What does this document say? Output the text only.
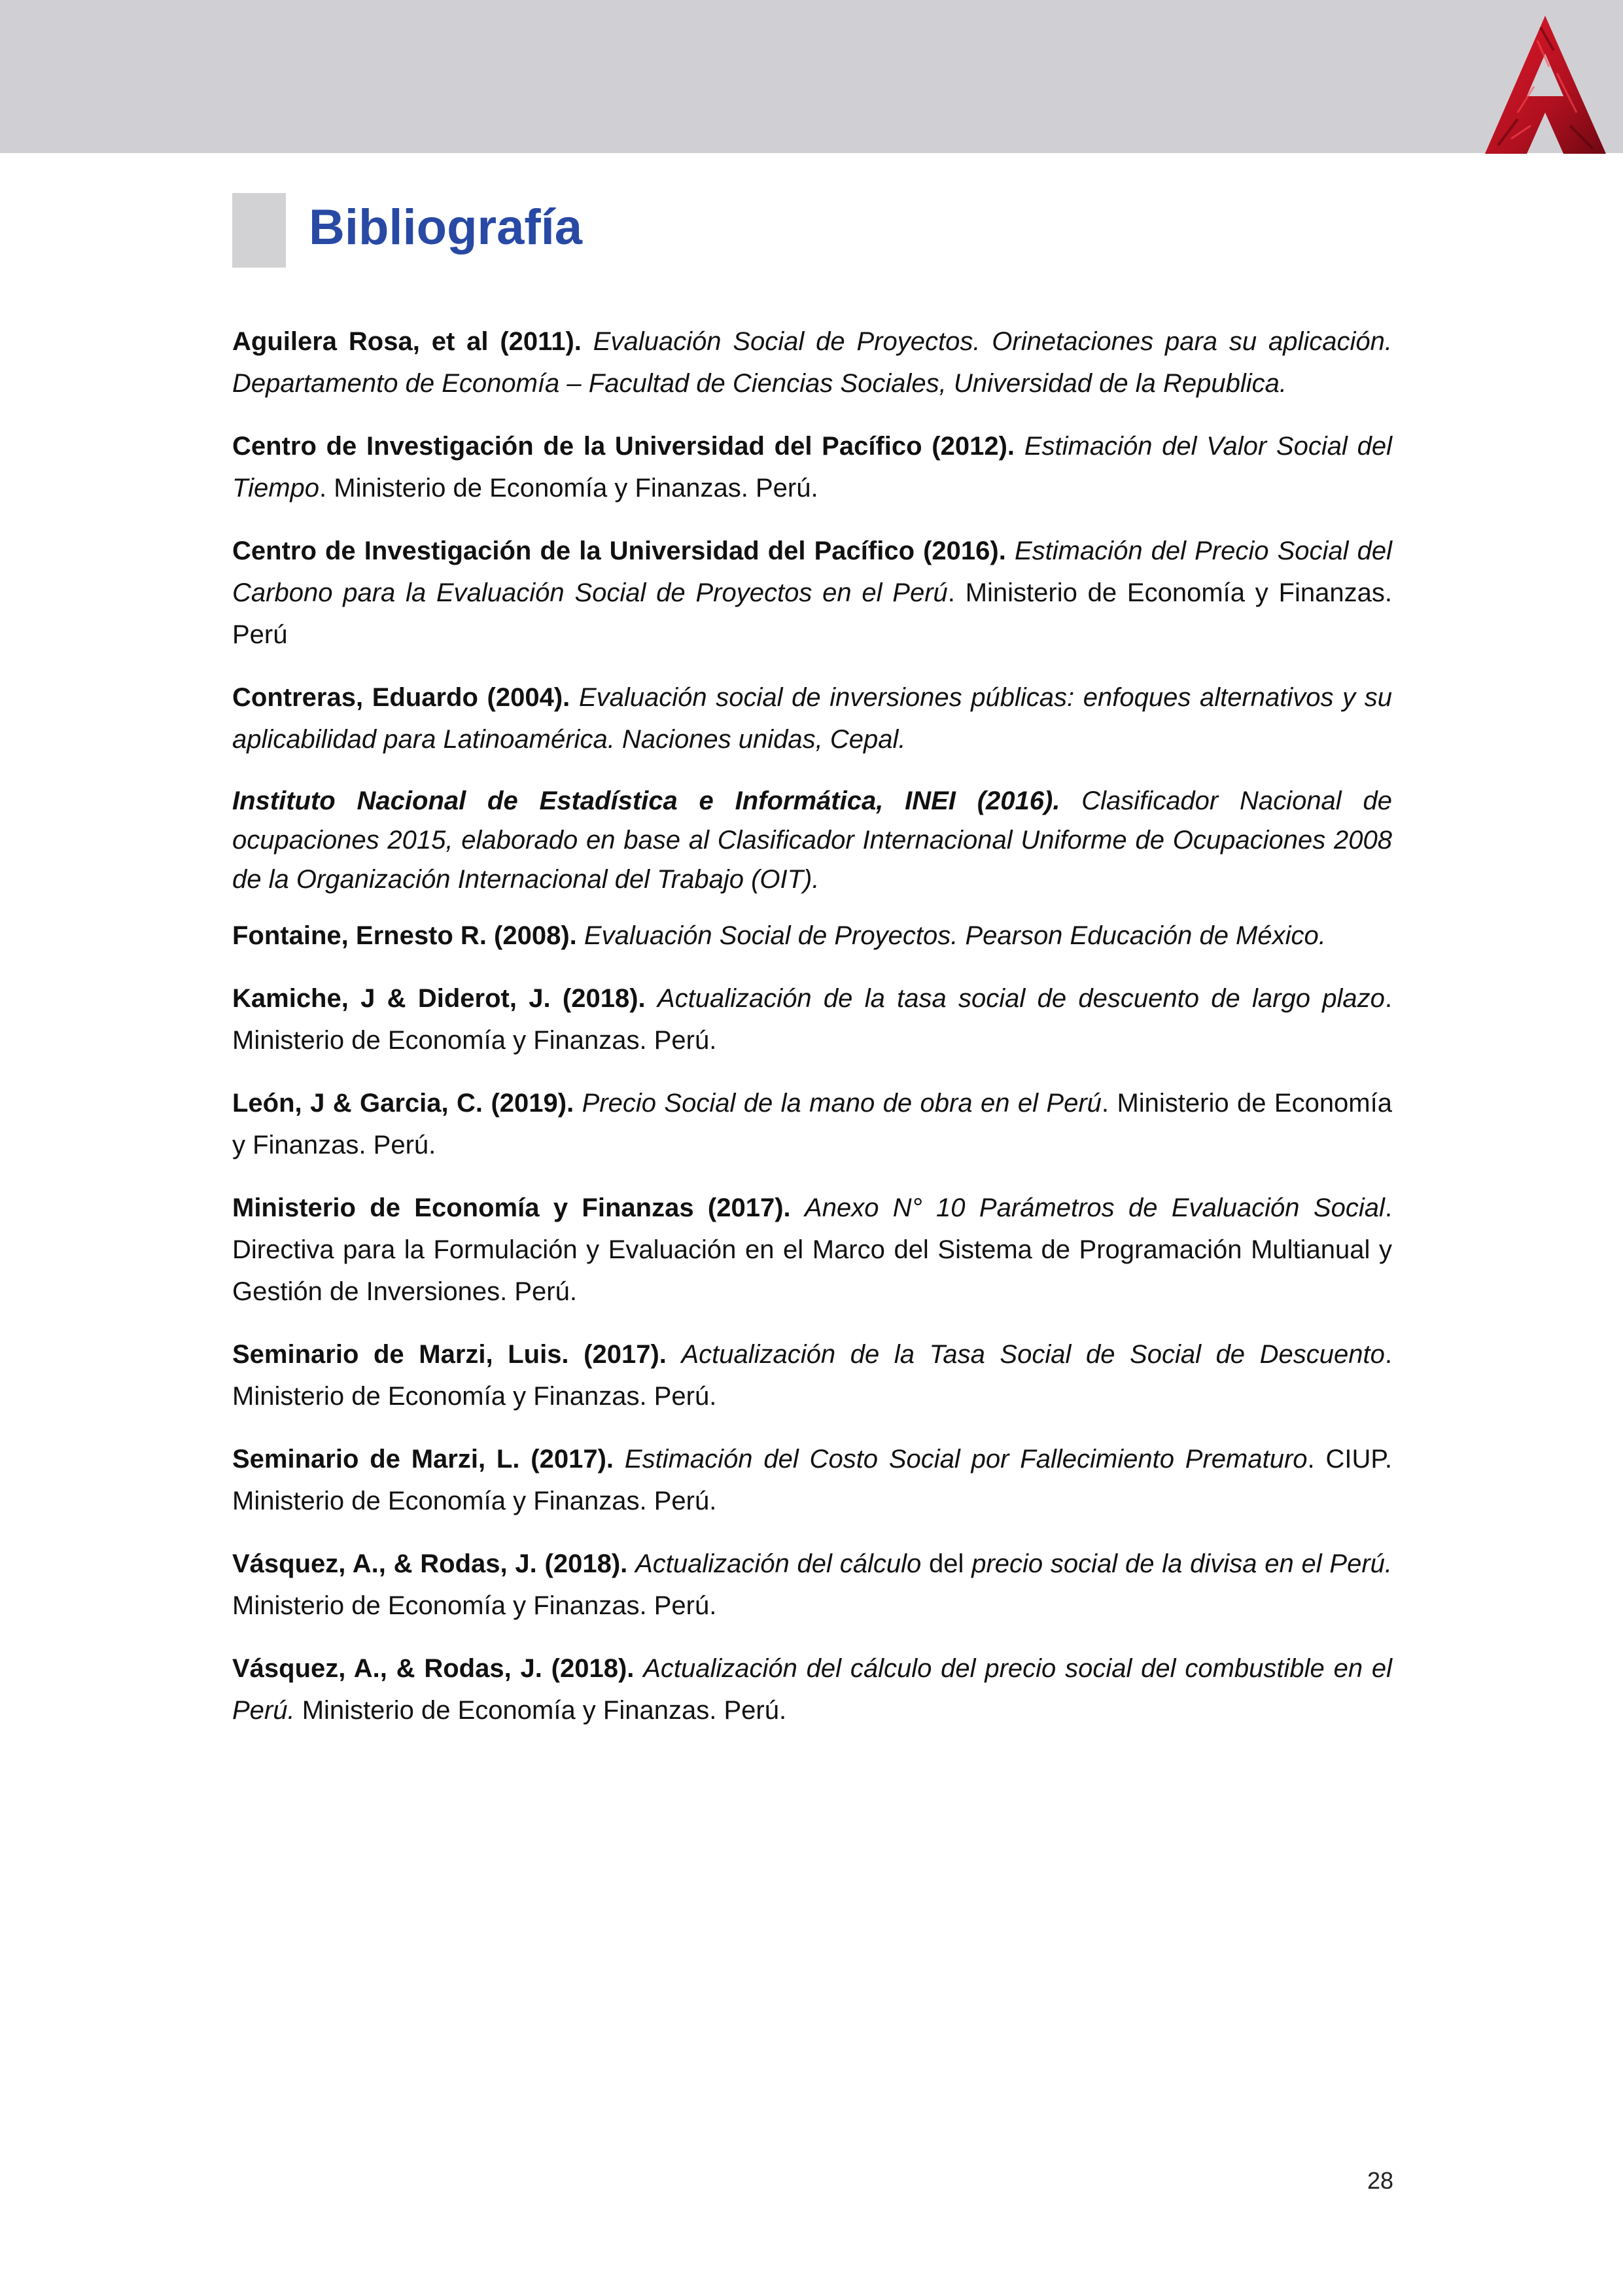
Bibliografía

Aguilera Rosa, et al (2011). Evaluación Social de Proyectos. Orinetaciones para su aplicación. Departamento de Economía – Facultad de Ciencias Sociales, Universidad de la Republica.

Centro de Investigación de la Universidad del Pacífico (2012). Estimación del Valor Social del Tiempo. Ministerio de Economía y Finanzas. Perú.

Centro de Investigación de la Universidad del Pacífico (2016). Estimación del Precio Social del Carbono para la Evaluación Social de Proyectos en el Perú. Ministerio de Economía y Finanzas. Perú

Contreras, Eduardo (2004). Evaluación social de inversiones públicas: enfoques alternativos y su aplicabilidad para Latinoamérica. Naciones unidas, Cepal.

Instituto Nacional de Estadística e Informática, INEI (2016). Clasificador Nacional de ocupaciones 2015, elaborado en base al Clasificador Internacional Uniforme de Ocupaciones 2008 de la Organización Internacional del Trabajo (OIT).

Fontaine, Ernesto R. (2008). Evaluación Social de Proyectos. Pearson Educación de México.

Kamiche, J & Diderot, J. (2018). Actualización de la tasa social de descuento de largo plazo. Ministerio de Economía y Finanzas. Perú.

León, J & Garcia, C. (2019). Precio Social de la mano de obra en el Perú. Ministerio de Economía y Finanzas. Perú.

Ministerio de Economía y Finanzas (2017). Anexo N° 10 Parámetros de Evaluación Social. Directiva para la Formulación y Evaluación en el Marco del Sistema de Programación Multianual y Gestión de Inversiones. Perú.

Seminario de Marzi, Luis. (2017). Actualización de la Tasa Social de Social de Descuento. Ministerio de Economía y Finanzas. Perú.

Seminario de Marzi, L. (2017). Estimación del Costo Social por Fallecimiento Prematuro. CIUP. Ministerio de Economía y Finanzas. Perú.

Vásquez, A., & Rodas, J. (2018). Actualización del cálculo del precio social de la divisa en el Perú. Ministerio de Economía y Finanzas. Perú.

Vásquez, A., & Rodas, J. (2018). Actualización del cálculo del precio social del combustible en el Perú. Ministerio de Economía y Finanzas. Perú.

28
